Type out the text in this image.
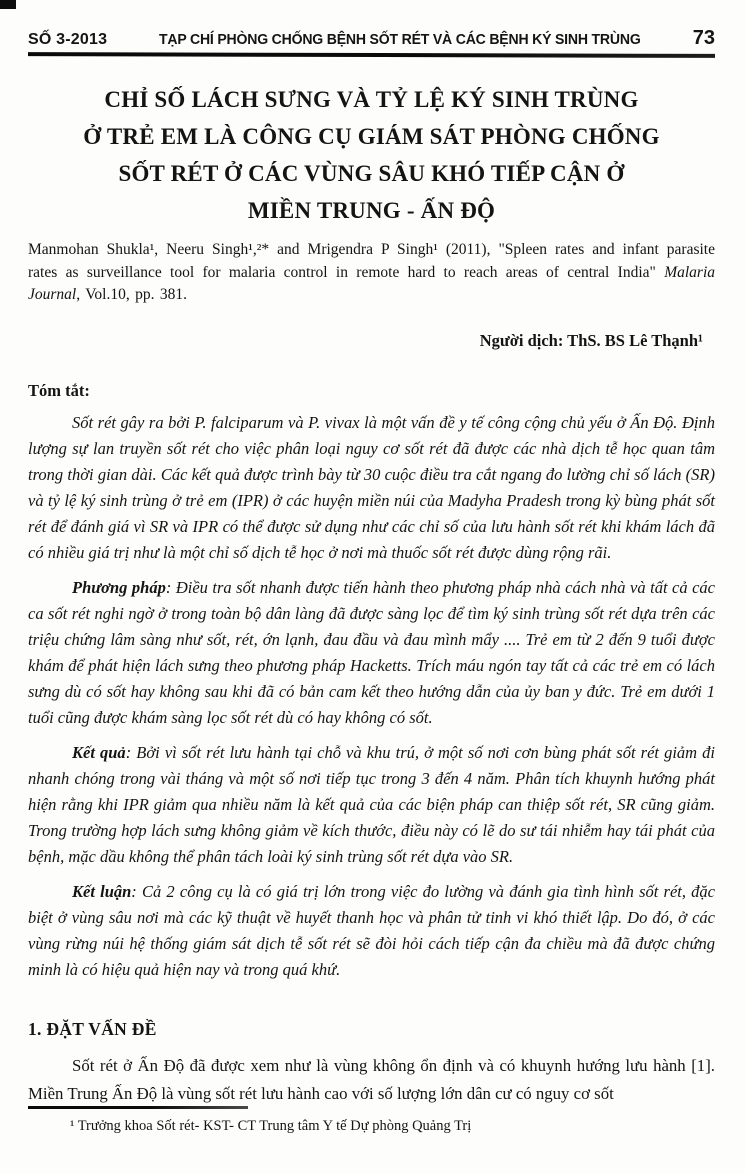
SỐ 3-2013	TẠP CHÍ PHÒNG CHỐNG BỆNH SỐT RÉT VÀ CÁC BỆNH KÝ SINH TRÙNG	73
CHỈ SỐ LÁCH SƯNG VÀ TỶ LỆ KÝ SINH TRÙNG
Ở TRẺ EM LÀ CÔNG CỤ GIÁM SÁT PHÒNG CHỐNG
SỐT RÉT Ở CÁC VÙNG SÂU KHÓ TIẾP CẬN Ở
MIỀN TRUNG - ẤN ĐỘ

Manmohan Shukla¹, Neeru Singh¹,²* and Mrigendra P Singh¹ (2011), "Spleen rates and infant parasite rates as surveillance tool for malaria control in remote hard to reach areas of central India" Malaria Journal, Vol.10, pp. 381.

Người dịch: ThS. BS Lê Thạnh¹

Tóm tắt:

Sốt rét gây ra bởi P. falciparum và P. vivax là một vấn đề y tế công cộng chủ yếu ở Ấn Độ. Định lượng sự lan truyền sốt rét cho việc phân loại nguy cơ sốt rét đã được các nhà dịch tễ học quan tâm trong thời gian dài. Các kết quả được trình bày từ 30 cuộc điều tra cắt ngang đo lường chỉ số lách (SR) và tỷ lệ ký sinh trùng ở trẻ em (IPR) ở các huyện miền núi của Madyha Pradesh trong kỳ bùng phát sốt rét để đánh giá vì SR và IPR có thể được sử dụng như các chỉ số của lưu hành sốt rét khi khám lách đã có nhiều giá trị như là một chỉ số dịch tễ học ở nơi mà thuốc sốt rét được dùng rộng rãi.

Phương pháp: Điều tra sốt nhanh được tiến hành theo phương pháp nhà cách nhà và tất cả các ca sốt rét nghi ngờ ở trong toàn bộ dân làng đã được sàng lọc để tìm ký sinh trùng sốt rét dựa trên các triệu chứng lâm sàng như sốt, rét, ớn lạnh, đau đầu và đau mình mẩy .... Trẻ em từ 2 đến 9 tuổi được khám để phát hiện lách sưng theo phương pháp Hacketts. Trích máu ngón tay tất cả các trẻ em có lách sưng dù có sốt hay không sau khi đã có bản cam kết theo hướng dẫn của ủy ban y đức. Trẻ em dưới 1 tuổi cũng được khám sàng lọc sốt rét dù có hay không có sốt.

Kết quả: Bởi vì sốt rét lưu hành tại chỗ và khu trú, ở một số nơi cơn bùng phát sốt rét giảm đi nhanh chóng trong vài tháng và một số nơi tiếp tục trong 3 đến 4 năm. Phân tích khuynh hướng phát hiện rằng khi IPR giảm qua nhiều năm là kết quả của các biện pháp can thiệp sốt rét, SR cũng giảm. Trong trường hợp lách sưng không giảm về kích thước, điều này có lẽ do sư tái nhiễm hay tái phát của bệnh, mặc dầu không thể phân tách loài ký sinh trùng sốt rét dựa vào SR.

Kết luận: Cả 2 công cụ là có giá trị lớn trong việc đo lường và đánh gia tình hình sốt rét, đặc biệt ở vùng sâu nơi mà các kỹ thuật về huyết thanh học và phân tử tinh vi khó thiết lập. Do đó, ở các vùng rừng núi hệ thống giám sát dịch tễ sốt rét sẽ đòi hỏi cách tiếp cận đa chiều mà đã được chứng minh là có hiệu quả hiện nay và trong quá khứ.

1. ĐẶT VẤN ĐỀ

Sốt rét ở Ấn Độ đã được xem như là vùng không ổn định và có khuynh hướng lưu hành [1]. Miền Trung Ấn Độ là vùng sốt rét lưu hành cao với số lượng lớn dân cư có nguy cơ sốt

¹ Trưởng khoa Sốt rét- KST- CT Trung tâm Y tế Dự phòng Quảng Trị
